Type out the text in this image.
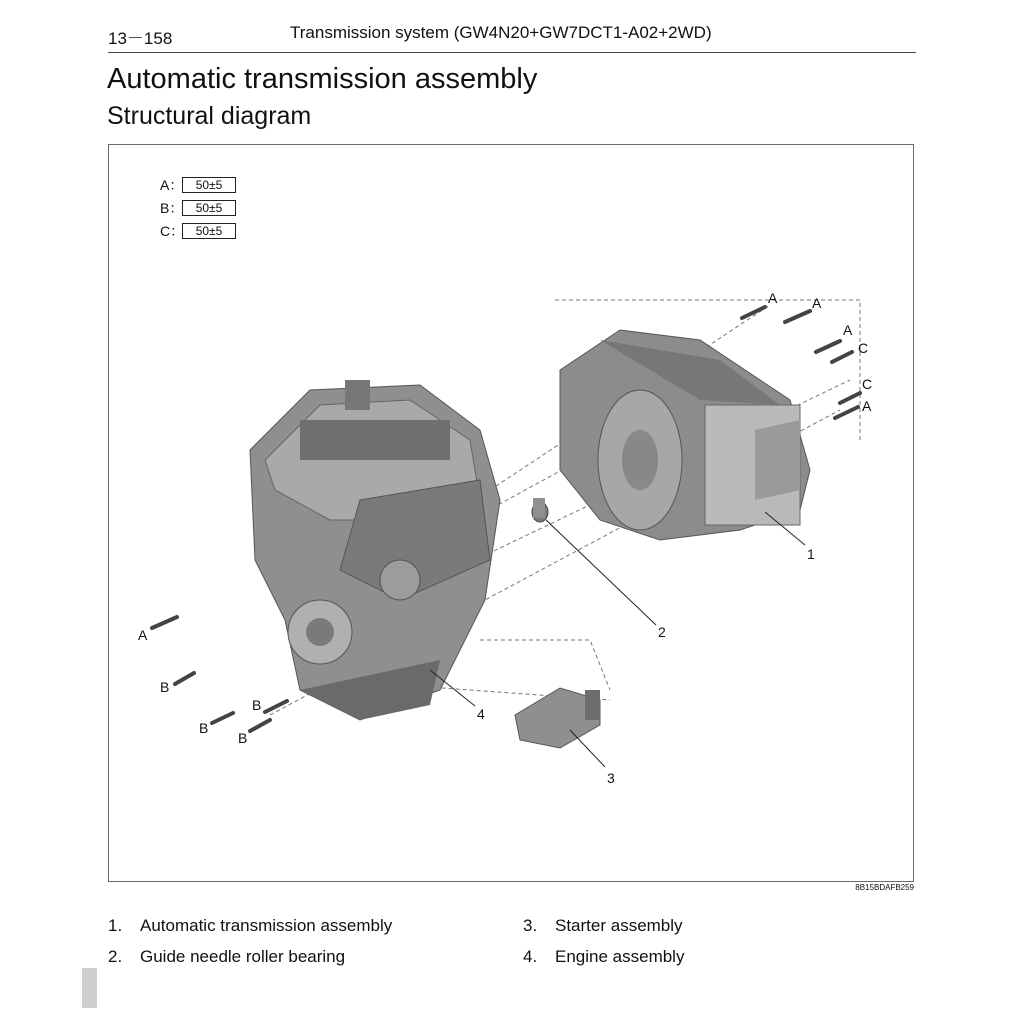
13－158	Transmission system (GW4N20+GW7DCT1-A02+2WD)
Automatic transmission assembly
Structural diagram
A：	50±5
B：	50±5
C： 50±5
A A
A
C
C
A
A
B
B
B
B
1
2
3
4
8B15BDAFB259
1. Automatic transmission assembly
2. Guide needle roller bearing
3. Starter assembly
4. Engine assembly
